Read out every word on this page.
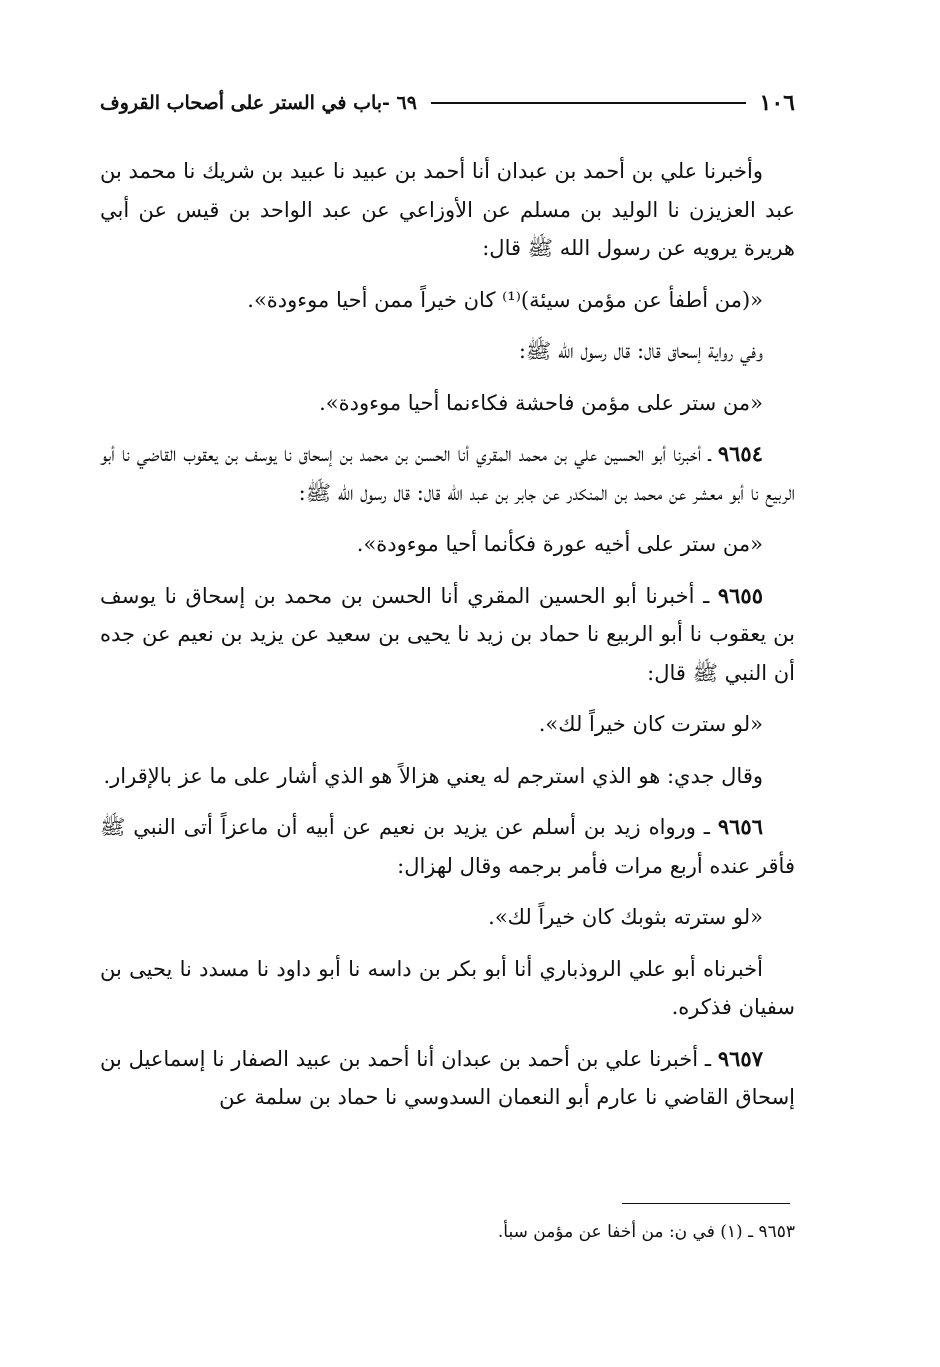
١٠٦
٦٩ -باب في الستر على أصحاب القروف

وأخبرنا علي بن أحمد بن عبدان أنا أحمد بن عبيد نا عبيد بن شريك نا محمد بن عبد العزيزن نا الوليد بن مسلم عن الأوزاعي عن عبد الواحد بن قيس عن أبي هريرة يرويه عن رسول الله ﷺ قال:

«(من أطفأ عن مؤمن سيئة)⁽¹⁾ كان خيراً ممن أحيا موءودة».

وفي رواية إسحاق قال: قال رسول الله ﷺ:

«من ستر على مؤمن فاحشة فكاءنما أحيا موءودة».

٩٦٥٤ ـ أخبرنا أبو الحسين علي بن محمد المقري أنا الحسن بن محمد بن إسحاق نا يوسف بن يعقوب القاضي نا أبو الربيع نا أبو معشر عن محمد بن المنكدر عن جابر بن عبد الله قال: قال رسول الله ﷺ:

«من ستر على أخيه عورة فكأنما أحيا موءودة».

٩٦٥٥ ـ أخبرنا أبو الحسين المقري أنا الحسن بن محمد بن إسحاق نا يوسف بن يعقوب نا أبو الربيع نا حماد بن زيد نا يحيى بن سعيد عن يزيد بن نعيم عن جده أن النبي ﷺ قال:

«لو سترت كان خيراً لك».

وقال جدي: هو الذي استرجم له يعني هزالاً هو الذي أشار على ما عز بالإقرار.

٩٦٥٦ ـ ورواه زيد بن أسلم عن يزيد بن نعيم عن أبيه أن ماعزاً أتى النبي ﷺ فأقر عنده أربع مرات فأمر برجمه وقال لهزال:

«لو سترته بثوبك كان خيراً لك».

أخبرناه أبو علي الروذباري أنا أبو بكر بن داسه نا أبو داود نا مسدد نا يحيى بن سفيان فذكره.

٩٦٥٧ ـ أخبرنا علي بن أحمد بن عبدان أنا أحمد بن عبيد الصفار نا إسماعيل بن إسحاق القاضي نا عارم أبو النعمان السدوسي نا حماد بن سلمة عن

٩٦٥٣ ـ (١) في ن: من أخفا عن مؤمن سبأ.
